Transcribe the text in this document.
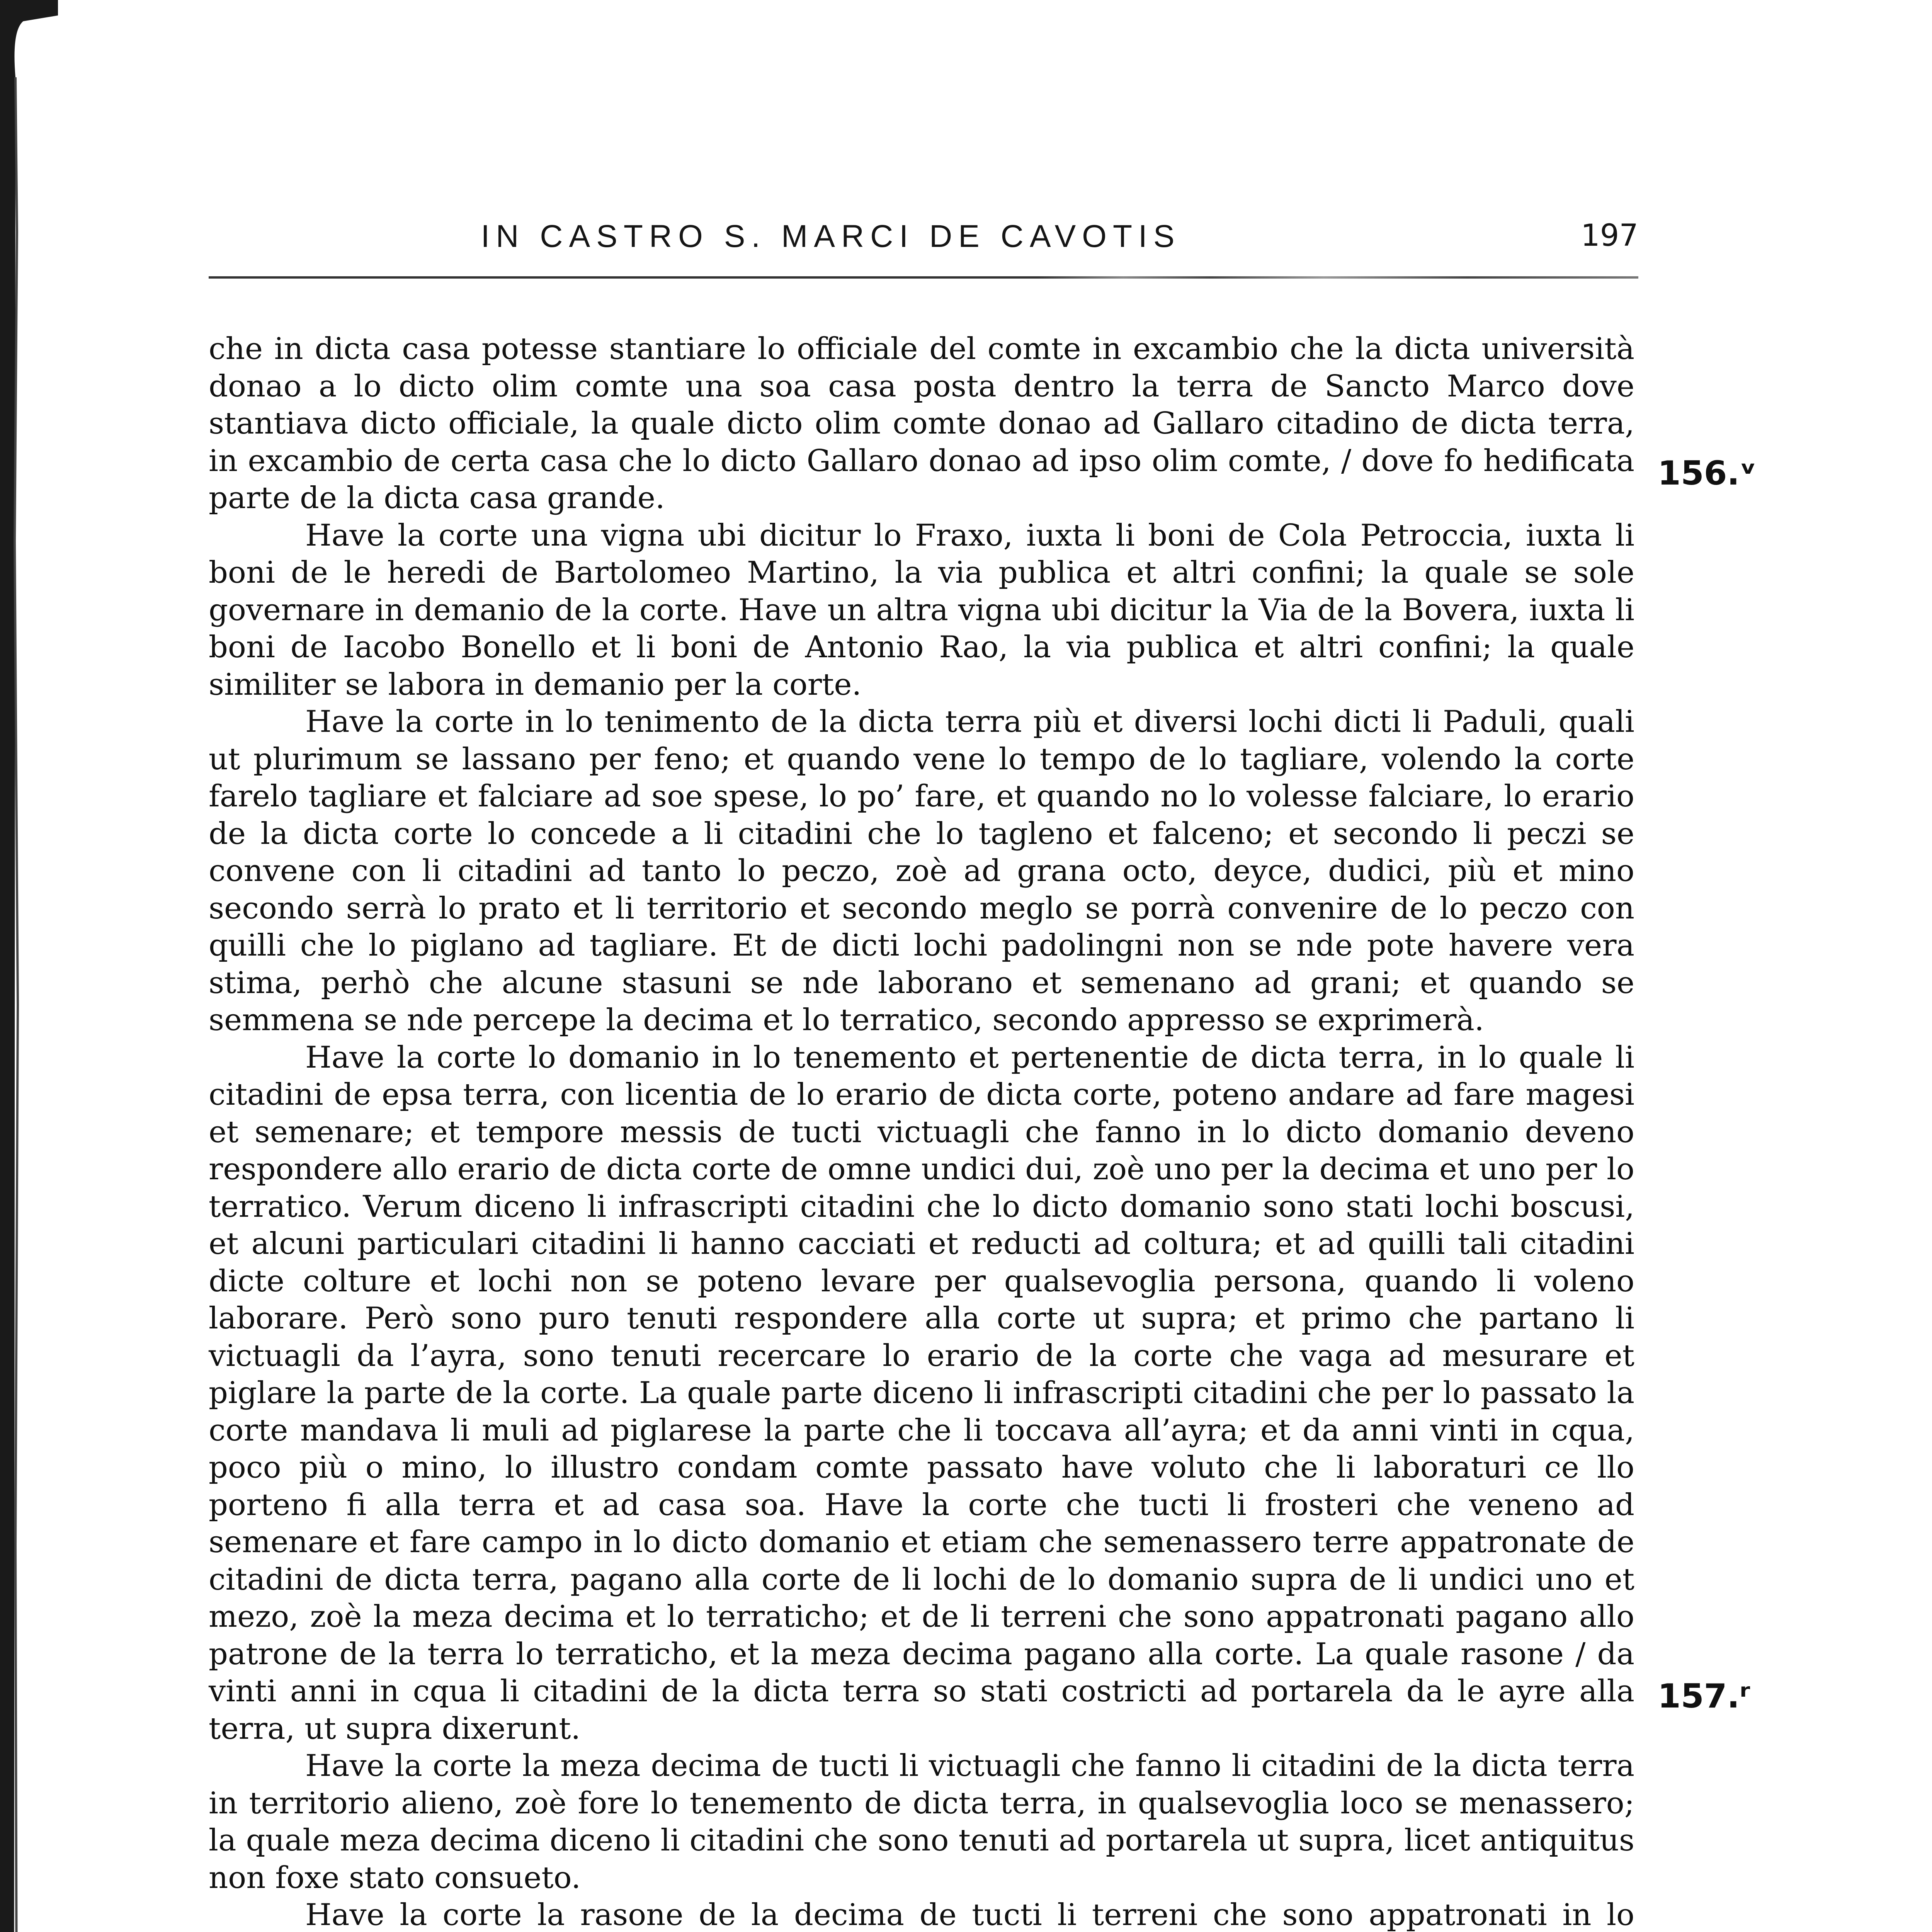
IN CASTRO S. MARCI DE CAVOTIS	197

che in dicta casa potesse stantiare lo officiale del comte in excambio che la dicta università donao a lo dicto olim comte una soa casa posta dentro la terra de Sancto Marco dove stantiava dicto officiale, la quale dicto olim comte donao ad Gallaro citadino de dicta terra, in excambio de certa casa che lo dicto Gallaro donao ad ipso olim comte, / dove fo hedificata parte de la dicta casa grande.

Have la corte una vigna ubi dicitur lo Fraxo, iuxta li boni de Cola Petroccia, iuxta li boni de le heredi de Bartolomeo Martino, la via publica et altri confini; la quale se sole governare in demanio de la corte. Have un altra vigna ubi dicitur la Via de la Bovera, iuxta li boni de Iacobo Bonello et li boni de Antonio Rao, la via publica et altri confini; la quale similiter se labora in demanio per la corte.

Have la corte in lo tenimento de la dicta terra più et diversi lochi dicti li Paduli, quali ut plurimum se lassano per feno; et quando vene lo tempo de lo tagliare, volendo la corte farelo tagliare et falciare ad soe spese, lo po’ fare, et quando no lo volesse falciare, lo erario de la dicta corte lo concede a li citadini che lo tagleno et falceno; et secondo li peczi se convene con li citadini ad tanto lo peczo, zoè ad grana octo, deyce, dudici, più et mino secondo serrà lo prato et li territorio et secondo meglo se porrà convenire de lo peczo con quilli che lo piglano ad tagliare. Et de dicti lochi padolingni non se nde pote havere vera stima, perhò che alcune stasuni se nde laborano et semenano ad grani; et quando se semmena se nde percepe la decima et lo terratico, secondo appresso se exprimerà.

Have la corte lo domanio in lo tenemento et pertenentie de dicta terra, in lo quale li citadini de epsa terra, con licentia de lo erario de dicta corte, poteno andare ad fare magesi et semenare; et tempore messis de tucti victuagli che fanno in lo dicto domanio deveno respondere allo erario de dicta corte de omne undici dui, zoè uno per la decima et uno per lo terratico. Verum diceno li infrascripti citadini che lo dicto domanio sono stati lochi boscusi, et alcuni particulari citadini li hanno cacciati et reducti ad coltura; et ad quilli tali citadini dicte colture et lochi non se poteno levare per qualsevoglia persona, quando li voleno laborare. Però sono puro tenuti respondere alla corte ut supra; et primo che partano li victuagli da l’ayra, sono tenuti recercare lo erario de la corte che vaga ad mesurare et piglare la parte de la corte. La quale parte diceno li infrascripti citadini che per lo passato la corte mandava li muli ad piglarese la parte che li toccava all’ayra; et da anni vinti in cqua, poco più o mino, lo illustro condam comte passato have voluto che li laboraturi ce llo porteno fi alla terra et ad casa soa. Have la corte che tucti li frosteri che veneno ad semenare et fare campo in lo dicto domanio et etiam che semenassero terre appatronate de citadini de dicta terra, pagano alla corte de li lochi de lo domanio supra de li undici uno et mezo, zoè la meza decima et lo terraticho; et de li terreni che sono appatronati pagano allo patrone de la terra lo terraticho, et la meza decima pagano alla corte. La quale rasone / da vinti anni in cqua li citadini de la dicta terra so stati costricti ad portarela da le ayre alla terra, ut supra dixerunt.

Have la corte la meza decima de tucti li victuagli che fanno li citadini de la dicta terra in territorio alieno, zoè fore lo tenemento de dicta terra, in qualsevoglia loco se menassero; la quale meza decima diceno li citadini che sono tenuti ad portarela ut supra, licet antiquitus non foxe stato consueto.

Have la corte la rasone de la decima de tucti li terreni che sono appatronati in lo

156.ᵛ
157.ʳ
